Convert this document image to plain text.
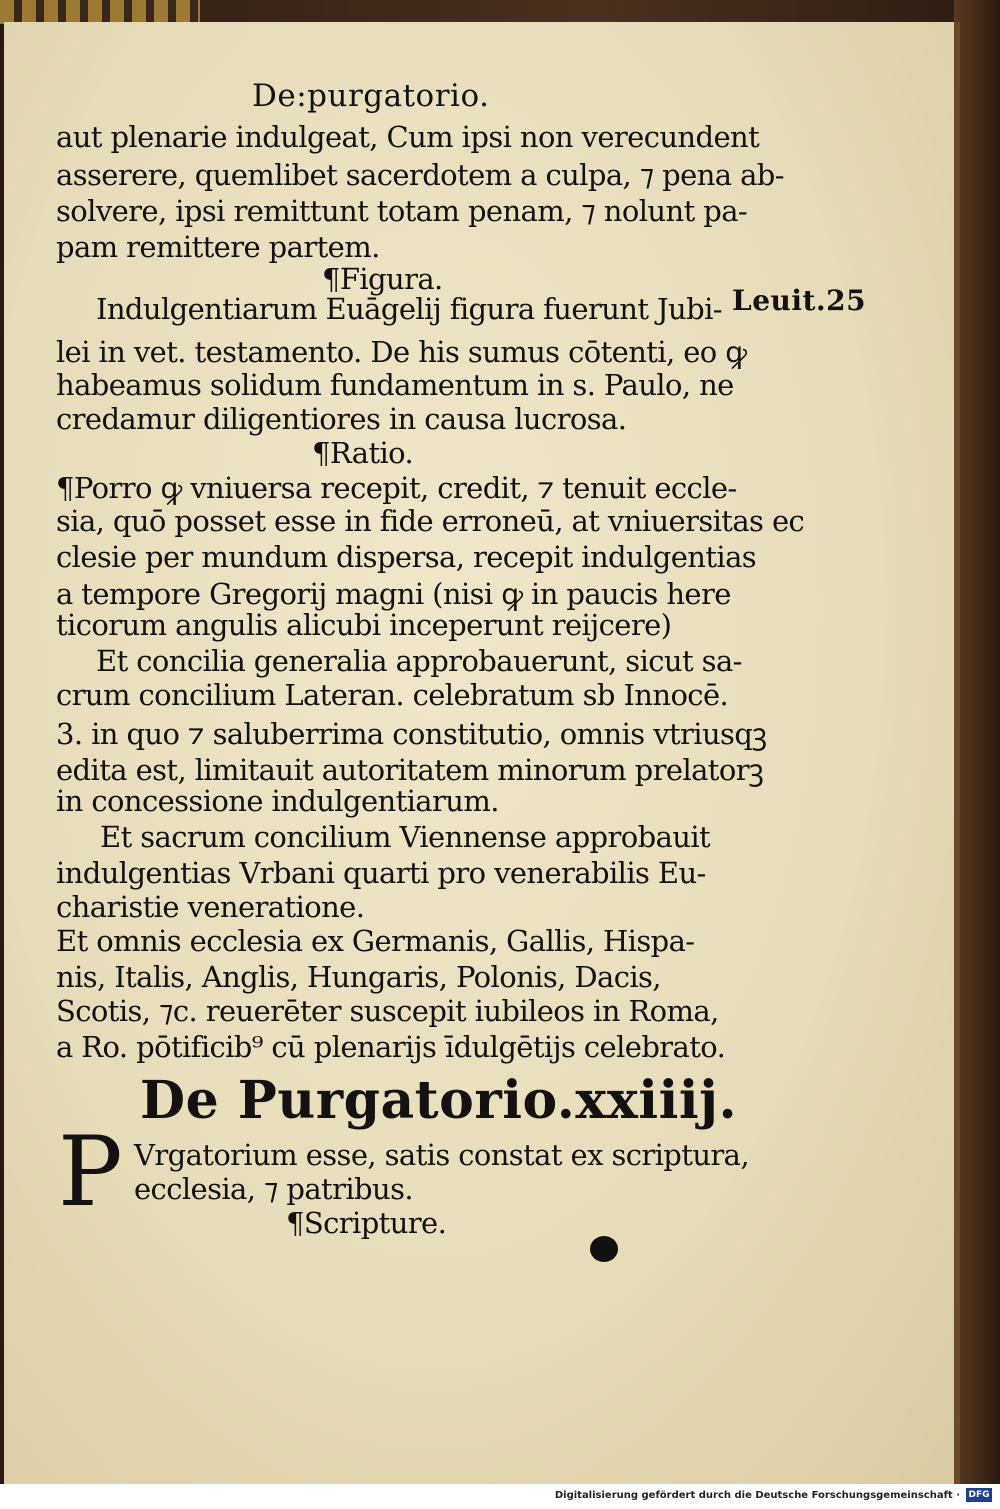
De:purgatorio.
aut plenarie indulgeat, Cum ipsi non verecundent
asserere, quemlibet sacerdotem a culpa, ⁊ pena ab-
solvere, ipsi remittunt totam penam, ⁊ nolunt pa-
pam remittere partem.
¶Figura.
Indulgentiarum Euāgelij figura fuerunt Jubi-
lei in vet. testamento. De his sumus cōtenti, eo ꝙ
habeamus solidum fundamentum in s. Paulo, ne
credamur diligentiores in causa lucrosa.
Leuit.25
¶Ratio.
¶Porro ꝙ vniuersa recepit, credit, ⁊ tenuit eccle-
sia, quō posset esse in fide erroneū, at vniuersitas ec
clesie per mundum dispersa, recepit indulgentias
a tempore Gregorij magni (nisi ꝙ in paucis here
ticorum angulis alicubi inceperunt reijcere)
Et concilia generalia approbauerunt, sicut sa-
crum concilium Lateran. celebratum sb Innocē.
3. in quo ⁊ saluberrima constitutio, omnis vtriusqꝫ
edita est, limitauit autoritatem minorum prelatorꝫ
in concessione indulgentiarum.
Et sacrum concilium Viennense approbauit
indulgentias Vrbani quarti pro venerabilis Eu-
charistie veneratione.
Et omnis ecclesia ex Germanis, Gallis, Hispa-
nis, Italis, Anglis, Hungaris, Polonis, Dacis,
Scotis, ⁊c. reuerēter suscepit iubileos in Roma,
a Ro. pōtificib⁹ cū plenarijs īdulgētijs celebrato.
De Purgatorio.xxiiij.
P Vrgatorium esse, satis constat ex scriptura,
ecclesia, ⁊ patribus.
¶Scripture.
Digitalisierung gefördert durch die Deutsche Forschungsgemeinschaft · DFG
